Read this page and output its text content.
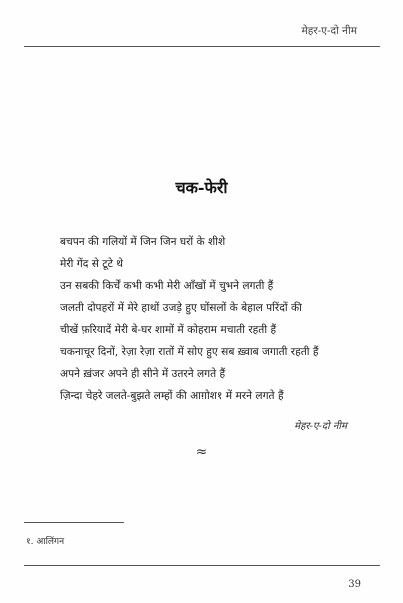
मेहर-ए-दो नीम
चक-फेरी
बचपन की गलियों में जिन जिन घरों के शीशे
मेरी गेंद से टूटे थे
उन सबकी किर्चें कभी कभी मेरी आँखों में चुभने लगती हैं
जलती दोपहरों में मेरे हाथों उजड़े हुए घोंसलों के बेहाल परिंदों की
चीखें फ़रियादें मेरी बे-घर शामों में कोहराम मचाती रहती हैं
चकनाचूर दिनों, रेज़ा रेज़ा रातों में सोए हुए सब ख़्वाब जगाती रहती हैं
अपने ख़ंजर अपने ही सीने में उतरने लगते हैं
ज़िन्दा चेहरे जलते-बुझते लम्हों की आग़ोश१ में मरने लगते हैं
मेहर-ए-दो नीम
≈
१. आलिंगन
39
